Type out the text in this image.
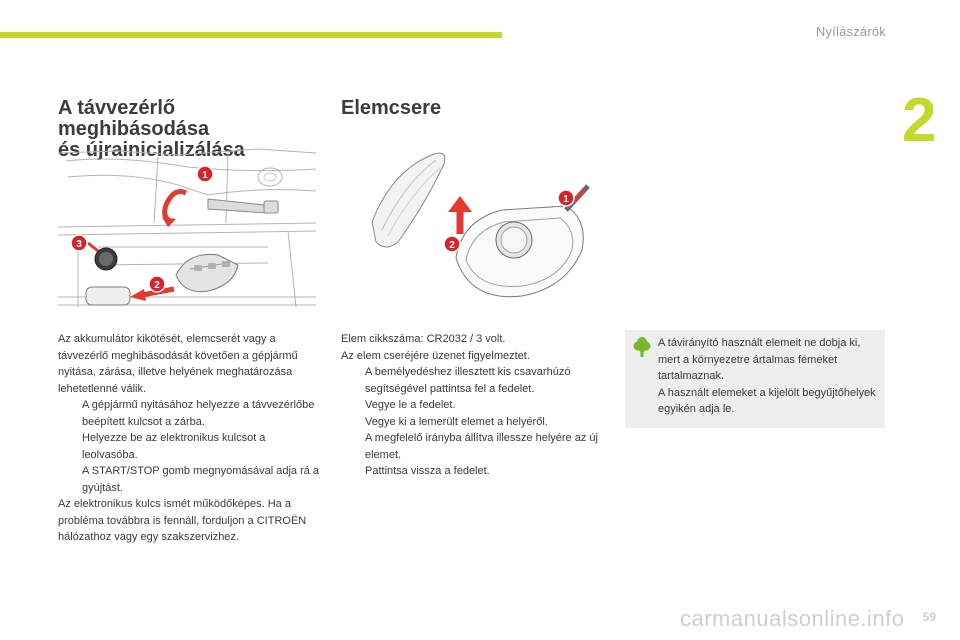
Nyílászárók
2
A távvezérlő meghibásodása
és újrainicializálása
Elemcsere
1
2
3
1
2

Az akkumulátor kikötését, elemcserét vagy a távvezérlő meghibásodását követően a gépjármű nyitása, zárása, illetve helyének meghatározása lehetetlenné válik.

A gépjármű nyitásához helyezze a távvezérlőbe beépített kulcsot a zárba.
Helyezze be az elektronikus kulcsot a leolvasóba.
A START/STOP gomb megnyomásával adja rá a gyújtást.

Az elektronikus kulcs ismét működőképes. Ha a probléma továbbra is fennáll, forduljon a CITROËN hálózathoz vagy egy szakszervizhez.

Elem cikkszáma: CR2032 / 3 volt.

Az elem cseréjére üzenet figyelmeztet.

A bemélyedéshez illesztett kis csavarhúzó segítségével pattintsa fel a fedelet.
Vegye le a fedelet.
Vegye ki a lemerült elemet a helyéről.
A megfelelő irányba állítva illessze helyére az új elemet.
Pattintsa vissza a fedelet.

A távirányító használt elemeit ne dobja ki, mert a környezetre ártalmas fémeket tartalmaznak.

A használt elemeket a kijelölt begyűjtőhelyek egyikén adja le.

carmanualsonline.info 59
